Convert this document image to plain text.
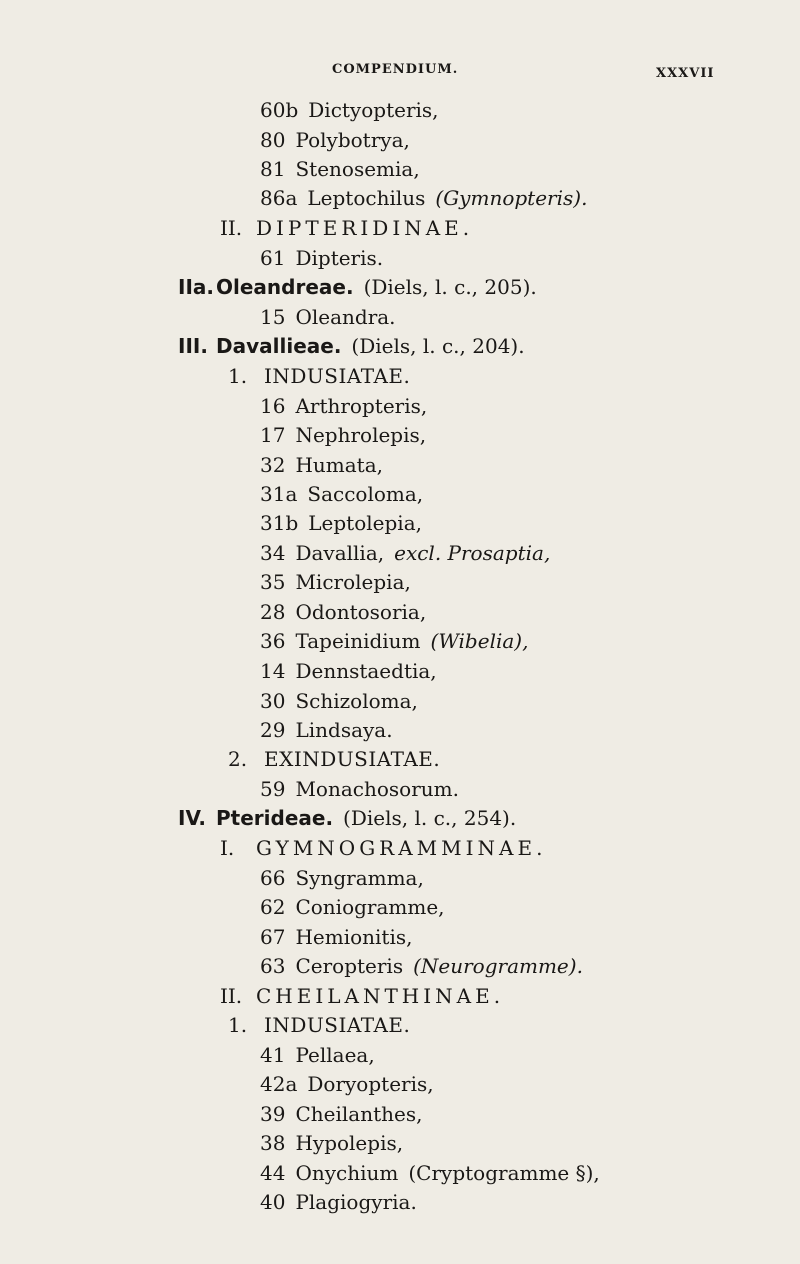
COMPENDIUM.	XXXVII
60b Dictyopteris,
80 Polybotrya,
81 Stenosemia,
86a Leptochilus (Gymnopteris).
II. DIPTERIDINAE.
61 Dipteris.
IIa. Oleandreae. (Diels, l. c., 205).
15 Oleandra.
III. Davallieae. (Diels, l. c., 204).
1. INDUSIATAE.
16 Arthropteris,
17 Nephrolepis,
32 Humata,
31a Saccoloma,
31b Leptolepia,
34 Davallia, excl. Prosaptia,
35 Microlepia,
28 Odontosoria,
36 Tapeinidium (Wibelia),
14 Dennstaedtia,
30 Schizoloma,
29 Lindsaya.
2. EXINDUSIATAE.
59 Monachosorum.
IV. Pterideae. (Diels, l. c., 254).
I. GYMNOGRAMMINAE.
66 Syngramma,
62 Coniogramme,
67 Hemionitis,
63 Ceropteris (Neurogramme).
II. CHEILANTHINAE.
1. INDUSIATAE.
41 Pellaea,
42a Doryopteris,
39 Cheilanthes,
38 Hypolepis,
44 Onychium (Cryptogramme §),
40 Plagiogyria.
